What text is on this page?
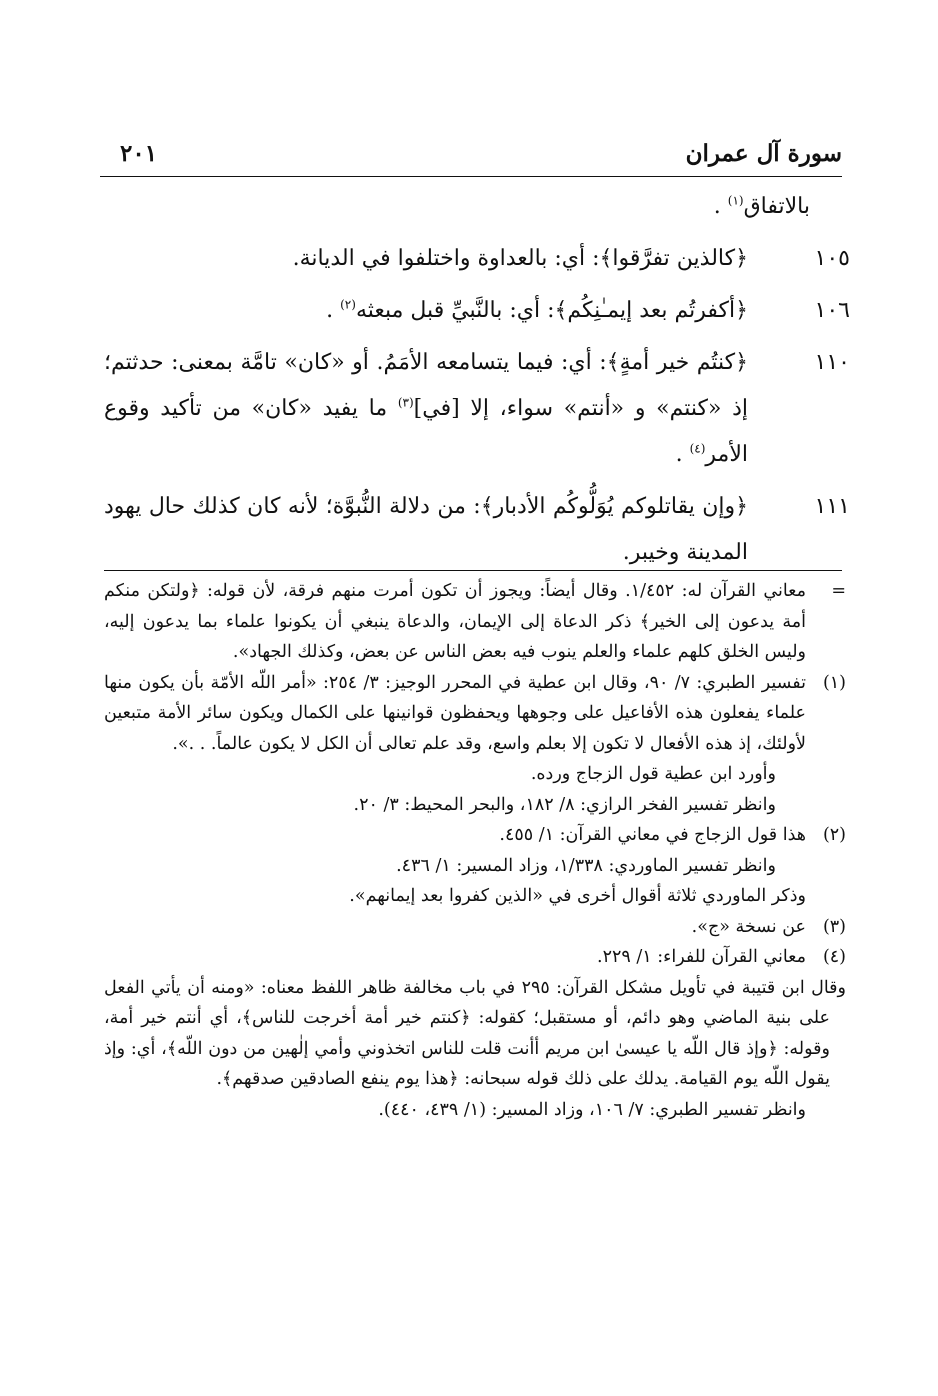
سورة آل عمران
٢٠١
بالاتفاق$^{(١)}$ .
١٠٥
﴿كالذين تفرَّقوا﴾: أي: بالعداوة واختلفوا في الديانة.
١٠٦
﴿أكفرتُم بعد إيمـٰنِكُم﴾: أي: بالنَّبيِّ قبل مبعثه$^{(٢)}$ .
١١٠
﴿كنتُم خير أمةٍ﴾: أي: فيما يتسامعه الأمَمُ. أو «كان» تامَّة بمعنى: حدثتم؛ إذ «كنتم» و «أنتم» سواء، إلا [في]$^{(٣)}$ ما يفيد «كان» من تأكيد وقوع الأمر$^{(٤)}$ .
١١١
﴿وإن يقاتلوكم يُوَلُّوكُم الأدبار﴾: من دلالة النُّبوَّة؛ لأنه كان كذلك حال يهود المدينة وخيبر.
=
معاني القرآن له: ١/٤٥٢. وقال أيضاً: ويجوز أن تكون أمرت منهم فرقة، لأن قوله: ﴿ولتكن منكم أمة يدعون إلى الخير﴾ ذكر الدعاة إلى الإيمان، والدعاة ينبغي أن يكونوا علماء بما يدعون إليه، وليس الخلق كلهم علماء والعلم ينوب فيه بعض الناس عن بعض، وكذلك الجهاد».
(١)
تفسير الطبري: ٧/ ٩٠، وقال ابن عطية في المحرر الوجيز: ٣/ ٢٥٤: «أمر اللّه الأمّة بأن يكون منها علماء يفعلون هذه الأفاعيل على وجوهها ويحفظون قوانينها على الكمال ويكون سائر الأمة متبعين لأولئك، إذ هذه الأفعال لا تكون إلا بعلم واسع، وقد علم تعالى أن الكل لا يكون عالماً. . .».
وأورد ابن عطية قول الزجاج ورده.
وانظر تفسير الفخر الرازي: ٨/ ١٨٢، والبحر المحيط: ٣/ ٢٠.
(٢)
هذا قول الزجاج في معاني القرآن: ١/ ٤٥٥.
وانظر تفسير الماوردي: ١/٣٣٨، وزاد المسير: ١/ ٤٣٦.
وذكر الماوردي ثلاثة أقوال أخرى في «الذين كفروا بعد إيمانهم».
(٣)
عن نسخة «ج».
(٤)
معاني القرآن للفراء: ١/ ٢٢٩.
وقال ابن قتيبة في تأويل مشكل القرآن: ٢٩٥ في باب مخالفة ظاهر اللفظ معناه: «ومنه أن يأتي الفعل على بنية الماضي وهو دائم، أو مستقبل؛ كقوله: ﴿كنتم خير أمة أخرجت للناس﴾، أي أنتم خير أمة، وقوله: ﴿وإذ قال اللّه يا عيسىٰ ابن مريم أأنت قلت للناس اتخذوني وأمي إلٰهين من دون اللّه﴾، أي: وإذ يقول اللّه يوم القيامة. يدلك على ذلك قوله سبحانه: ﴿هذا يوم ينفع الصادقين صدقهم﴾.
وانظر تفسير الطبري: ٧/ ١٠٦، وزاد المسير: (١/ ٤٣٩، ٤٤٠).
